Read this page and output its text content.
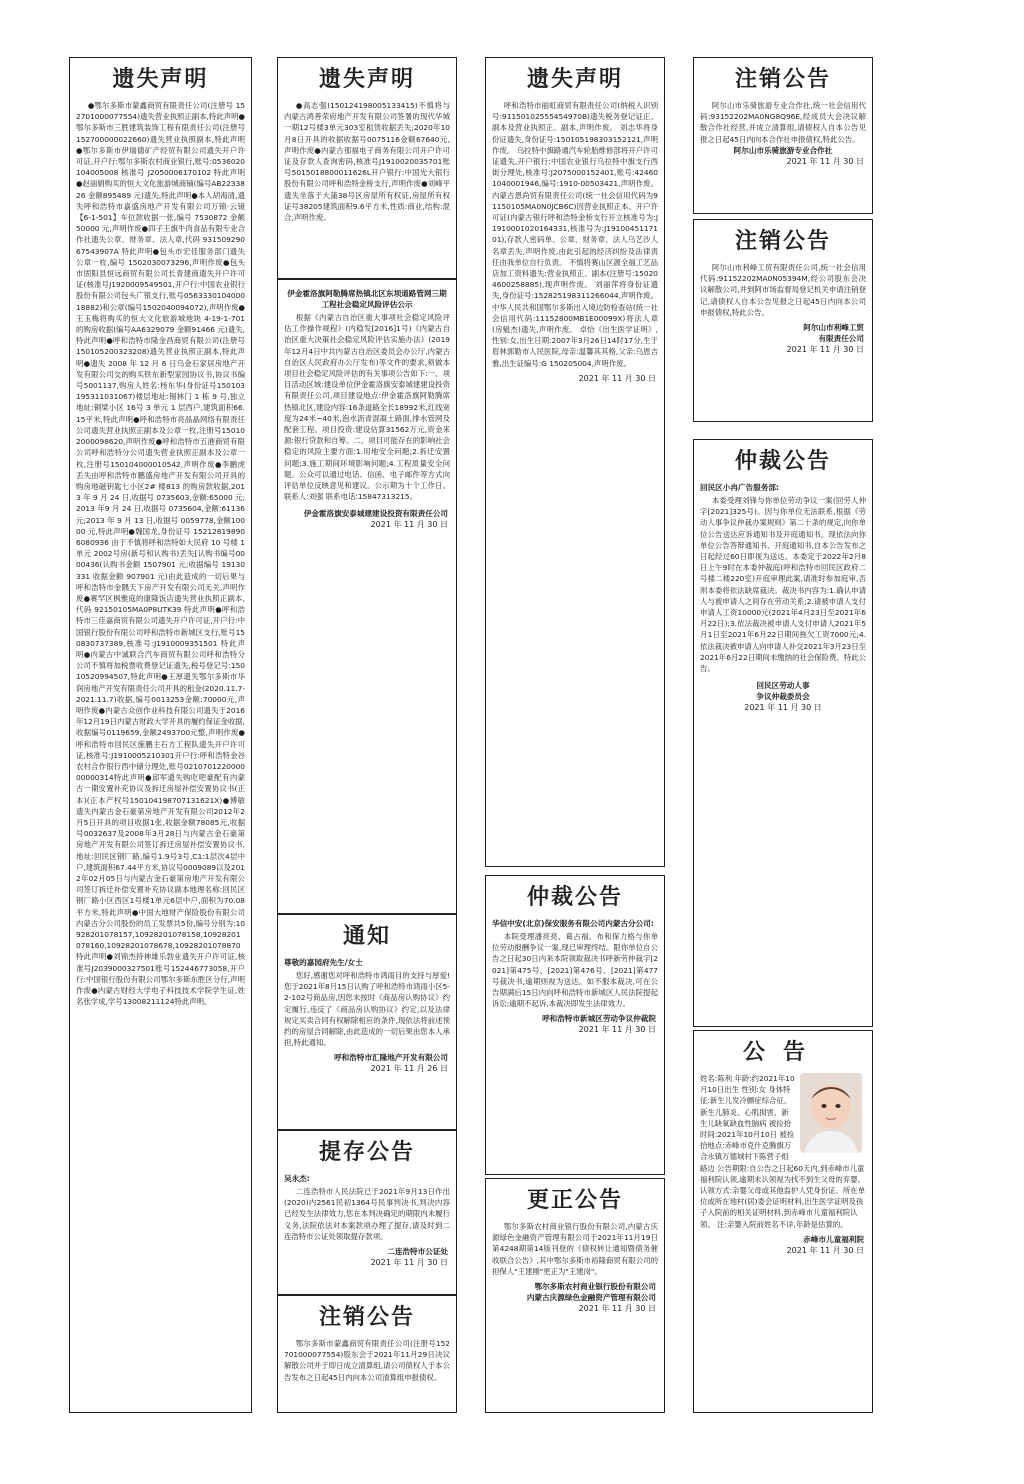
遗失声明

●鄂尔多斯市蒙鑫商贸有限责任公司(注册号 152701000077554)遗失营业执照正副本,特此声明●鄂尔多斯市三胜建筑装饰工程有限责任公司(注册号 152700000022660)遗失营业执照副本,特此声明●鄂尔多斯市伊瑞德矿产经贸有限公司遗失开户许可证,开户行:鄂尔多斯农村商业银行,账号:0536020104005008 核准号 J2050006170102 特此声明●赵丽娟购买的恒大文化旅游城商铺(编号AB2233826 金额895489 元)遗失,特此声明●本人胡海清,遗失呼和浩特市嘉盛房地产开发有限公司万锦·云镜【6-1-501】车位款收据一张,编号 7530872 金额 50000 元,声明作废●四子王旗牛肉食品有限专业合作社遗失公章、财务章、法人章,代码 93150929067543907A 特此声明●包头市宏佳服务部门遗失公章一枚,编号 1502030073296,声明作废●包头市固阳县恒远商贸有限公司长青建商遗失开户许可证(核准号J1920009549501,开户行:中国农业银行股份有限公司包头广银支行,账号056333010400018882)和公章(编号1502040094072),声明作废●王玉梅将购买的恒大文化旅游城地块 4-19-1-701 的购房收据(编号AA6329079 金额91466 元)遗失,特此声明●呼和浩特市隆金昌商贸有限公司(注册号150105200323208)遗失营业执照正副本,特此声明●遗失 2008 年 12 月 6 日乌金石家居房地产开发有限公司交的购买铁东新型家园协议书,协议书编号5001137,购房人姓名:杨东华(身份证号150103195311031067)楼层地址:锡林门 1 栋 9 号,独立地址:铜梁小区 16号 3 单元 1 层西户,建筑面积66.15平米,特此声明●呼和浩特市亮晶晶网络有限责任公司遗失营业执照正副本及公章一枚,注册号150102000098620,声明作废●呼和浩特市五港商贸有限公司呼和浩特分公司遗失营业执照正副本及公章一枚,注册号150104000010542,声明作废●李鹏虎丢失由呼和浩特市鹏盛房地产开发有限公司开具的购房地磁钥匙七小区2# 楼813 的购房款收据,2013 年 9 月 24 日,收据号 0735603,金额:65000 元;2013 年9 月 24 日,收据号 0735604,金额:61136 元;2013 年 9 月 13 日,收据号 0059778,金额10000 元,特此声明●魏国龙,身份证号 152128198906080936 由于不慎将呼和浩特如大民府 10 号楼 1 单元 2002号房(新号和认购书)丢失[认购书编号0000436(认购书金额 1507901 元;收据编号 19130331 收据金额 907901 元)由此造成的一切后果与呼和浩特市金隅天下房产开发有限公司无关,声明作废●赛罕区枫雅庭的康隆饭店遗失营业执照正副本,代码 92150105MA0P8UTK39 特此声明●呼和浩特市三佳嘉商贸有限公司遗失开户许可证,开户行:中国银行股份有限公司呼和浩特市新城区支行,账号150830737389,核准号:J1910009351501 特此声明●内蒙古中诚联合汽车商贸有限公司呼和浩特分公司不慎将加税票收费登记证遗失,税号登记号:15010520994507,特此声明●王厚遗失鄂尔多斯市华润房地产开发有限责任公司开具的租金(2020.11.7-2021.11.7)收据,编号0013253金额:70000元,声明作废●内蒙古众创作业科技有限公司遗失于2016年12月19日内蒙古财政大学开具的履约保证金收据,收据编号0119659,金额2493700元整,声明作废●呼和浩特市回民区施鹏主石方工程队遗失开户许可证,核准号:J1910005210301开户行:呼和浩特金谷农村合作银行西中储分理处,账号021070122000000000314特此声明●邱军遗失购吃吧豪配有内蒙古一期安置补充协议及拆迁房屋补偿安置协议书(正本)(正本产权号150104198707131621X)●傅敏遗失内蒙古金石豪第房地产开发有限公司2012年2月5日开具的项目收据1张,收据金额78085元,收据号0032637及2008年3月28日与内蒙古金石豪第房地产开发有限公司签订拆迁房屋补偿安置协议书,地址:回民区钢厂路,编号1.9号3号,C1:1层次4层中户,建筑面积67.44平方米,协议号0009089以及2012年02月05日与内蒙古金石豪第房地产开发有限公司签订拆迁补偿安置补充协议副本地理名称:回民区钢厂路小区西区1号楼1单元6层中户,面积为70.08平方米,特此声明●中国大地财产保险股份有限公司内蒙古分公司股份的员工发票共5份,编号分别为:10928201078157,10928201078158,10928201078160,10928201078678,10928201078870特此声明●刘锦杰持神雄乐勃业遗失开户许可证,核准号J2039000327501账号152446773058,开户行:中国银行股份有限公司鄂尔多斯东胜区分行,声明作废●内蒙古财经大学电子科技技术学院学生证,姓名张学成,学号13008211124特此声明。

遗失声明

●高志强(150124198005133415)不慎将与内蒙古鸿善荣府地产开发有限公司签署的现代华城一期12号楼3单元303室租赁收据丢失;2020年10月8日开具的收据收据号0075116金额67640元,声明作废●内蒙古那福电子商务有限公司开户许可证及存款人查询密码,核准号J1910020035701账号5015018800011626L开户银行:中国光大银行股份有限公司呼和浩特金桥支行,声明作废●刘峰平遗失坐落于大蒲38号区房屋所有权证,房屋所有权证号38205建筑面积9.6平方米,性质:商业,结构:混合,声明作废。

伊金霍洛旗阿勒腾席热镇北区东坝道路管网三期工程社会稳定风险评估公示

根据《内蒙古自治区重大事项社会稳定风险评估工作操作规程》(内稳发[2016]1号)《内蒙古自治区重大决策社会稳定风险评估实施办法》(2019年12月4日中共内蒙古自治区委员会办公厅,内蒙古自治区人民政府办公厅发布)等文件的要求,须做本项目社会稳定风险评估的有关事项公告如下:一、项目活动区域:建设单位伊金霍洛旗安泰城建建设投资有限责任公司,项目建设地点:伊金霍洛旗阿勒腾席热镇北区,建设内容:16条道路全长18992米,红线宽度为24米~40米,泡水沥青混凝土路面,排水管网及配套工程。项目投资:建设估算31562万元,资金来源:银行贷款和自筹。二、项目可能存在的影响社会稳定的风险主要方面:1.用地安全问题;2.拆迁安置问题;3.施工期间环境影响问题;4.工程质量安全问题。公众可以通过电话、信函、电子邮件等方式向评估单位反映意见和建议。公示期为十个工作日。联系人:刘强 联系电话:15847313215。

伊金霍洛旗安泰城建建设投资有限责任公司
2021 年 11 月 30 日
通知
尊敬的嘉园府先生/女士

您好,感谢您对呼和浩特市鸿雨目的支持与厚爱!您于2021年8月15日认购了呼和浩特市鸿雨小区5-2-102号商品房,因您未按时《商品房认购协议》约定履行,违反了《商品房认购协议》约定,以及法律规定买卖合同有权解除相应的条件,现依法将前述预约的房屋合同解除,由此造成的一切后果由您本人承担,特此通知。

呼和浩特市汇隆地产开发有限公司
2021 年 11 月 26 日
提存公告
吴永杰:

二连浩特市人民法院已于2021年9月13日作出(2020)内2561民初1364号民事判决书,判决内容已经发生法律效力,您在本判决确定的期限内未履行义务,法院依法对本案款项办理了提存,请及时到二连浩特市公证处领取提存款项。

二连浩特市公证处
2021 年 11 月 30 日
注销公告

鄂尔多斯市蒙鑫商贸有限责任公司(注册号152701000077554)股东会于2021年11月29日决议解散公司并于即日成立清算组,请公司债权人于本公告发布之日起45日内向本公司清算组申报债权。

遗失声明

呼和浩特市丽虹商贸有限责任公司(纳税人识别号:91150102555454970B)遗失税务登记证正、副本及营业执照正、副本,声明作废。 刘志华将身份证遗失,身份证号:150105198303152121,声明作废。 乌拉特中旗路通汽车轮胎维修部将开户许可证遗失,开户银行:中国农业银行乌拉特中旗支行西街分理处,核准号:J2075000152401,账号:424601040001946,编号:1910-00503421,声明作废。 内蒙古恩尚贸有限责任公司(统一社会信用代码为91150105MA0N0JCB6C)因营业执照正本、开户许可证(内蒙古银行呼和浩特金桥支行开立核准号为:J1910001020164331,核准号为:J1910045117101),存款人密码单、公章、财务章、法人乌艺沙人名章丢失,声明作废,由此引起的经济纠纷及法律责任由我单位自行负责。 不慎将赛山区源全福工艺品店加工资料遗失:营业执照正、副本(注册号:150204600258885),现声明作废。 刘丽萍将身份证遗失,身份证号:152825198311266044,声明作废。 中华人民共和国鄂尔多斯出入境边防检查站(统一社会信用代码:11152800MB1E00099X)将法人章(房魁杰)遗失,声明作废。 卓恰《出生医学证明》,性别:女,出生日期:2007年3月26日14时17分,生于眉林郭勒市人民医院,母亲:温馨其其格,父亲:乌恩吉雅,出生证编号:G 150205004,声明作废。

2021 年 11 月 30 日
仲裁公告
华信中安(北京)保安服务有限公司内蒙古分公司:

本院受理潘亮亮、葛占福、布和保力格与你单位劳动报酬争议一案,现已审理终结。限你单位自公告之日起30日内来本院领取裁决书呼新劳仲裁字[2021]第475号、[2021]第476号、[2021]第477号裁决书,逾期则视为送达。如不服本裁决,可在公告期满后15日内向呼和浩特市新城区人民法院提起诉讼;逾期不起诉,本裁决即发生法律效力。

呼和浩特市新城区劳动争议仲裁院
2021 年 11 月 30 日
更正公告

鄂尔多斯农村商业银行股份有限公司,内蒙古庆源绿色金融资产管理有限公司于2021年11月19日第4248期第14版刊登的《债权转让通知暨债务催收联合公告》,其中鄂尔多斯市裕隆商贸有限公司的担保人"王建刚"更正为"王建岗"。

鄂尔多斯农村商业银行股份有限公司
内蒙古庆源绿色金融资产管理有限公司
2021 年 11 月 30 日
注销公告

阿尔山市乐骑旅游专业合作社,统一社会信用代码:93152202MA0NG8Q96E,经成员大会决议解散合作社经营,并成立清算组,请债权人自本公告见报之日起45日内向本合作社申报债权,特此公告。

阿尔山市乐骑旅游专业合作社
2021 年 11 月 30 日
注销公告

阿尔山市利峰工贸有限责任公司,统一社会信用代码:91152202MA0N05394M,经公司股东会决议解散公司,并到阿市场监督局登记机关申请注销登记,请债权人自本公告见报之日起45日内向本公司申报债权,特此公告。

阿尔山市利峰工贸
有限责任公司
2021 年 11 月 30 日
仲裁公告
回民区小冉广告服务部:

本委受理刘锋与你单位劳动争议一案(回劳人仲字[2021]325号)。因与你单位无法联系,根据《劳动人事争议仲裁办案规则》第二十条的规定,向你单位公告送达应诉通知书及开庭通知书。现依法向你单位公告答辩通知书、开庭通知书,自本公告发布之日起经过60日即视为送达。本委定于2022年2月8日上午9时在本委仲裁庭(呼和浩特市回民区政府二号楼二楼220室)开庭审理此案,请准时参加庭审,否则本委将依法缺席裁决。裁决书内容为:1.确认申请人与被申请人之间存在劳动关系;2.请被申请人支付申请人工资10000元(2021年4月23日至2021年6月22日);3.依法裁决被申请人支付申请人2021年5月1日至2021年6月22日期间拖欠工资7000元;4.依法裁决被申请人向申请人补交2021年3月23日至2021年6月22日期间未缴纳的社会保险费。特此公告。

回民区劳动人事
争议仲裁委员会
2021 年 11 月 30 日
公告

姓名:陈利 年龄:约2021年10月10日出生 性别:女 身体特征:新生儿发冷颤症综合征、新生儿肺炎、心肌损害、新生儿缺氧缺血性脑病 被捡拾时间:2021年10月10日 被捡拾地点:赤峰市克什克腾旗万合永镇万德城村下陈营子组路边 公告期限:自公告之日起60天内,到赤峰市儿童福利院认领,逾期未认领视为找不到生父母的弃婴。 认领方式:亲婴父母或其他监护人凭身份证、所在单位或所在地村(居)委会证明材料,出生医学证明及孩子入院前的相关证明材料,到赤峰市儿童福利院认领。 注:亲婴入院前姓名不详,年龄是估算的。

赤峰市儿童福利院
2021 年 11 月 30 日
